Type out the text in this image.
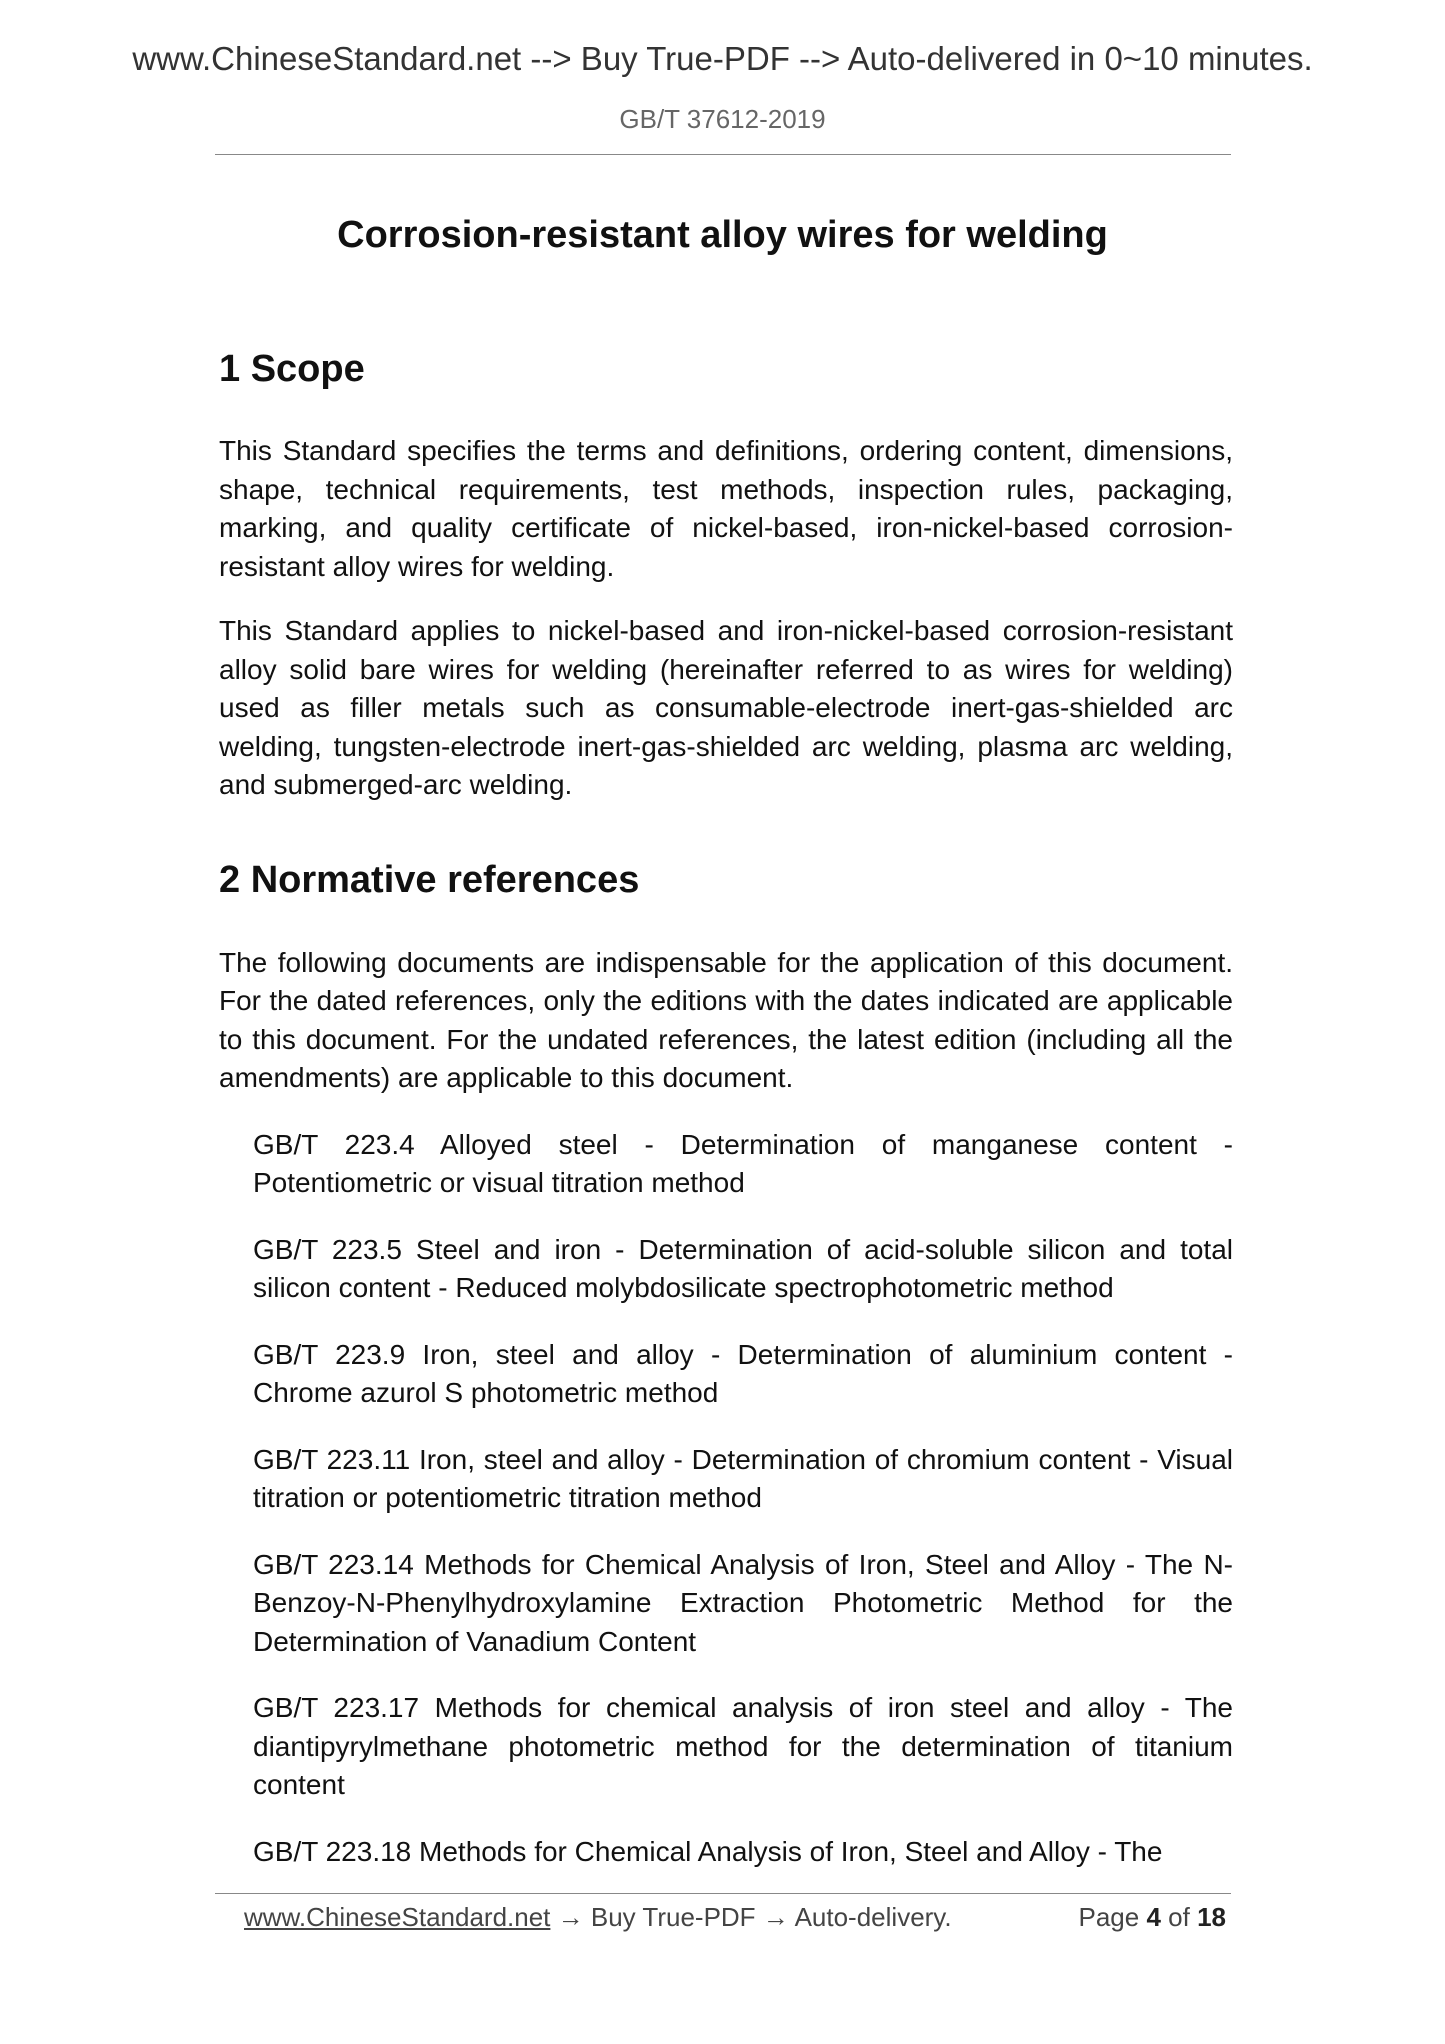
www.ChineseStandard.net --> Buy True-PDF --> Auto-delivered in 0~10 minutes.
GB/T 37612-2019
Corrosion-resistant alloy wires for welding
1 Scope

This Standard specifies the terms and definitions, ordering content, dimensions, shape, technical requirements, test methods, inspection rules, packaging, marking, and quality certificate of nickel-based, iron-nickel-based corrosion-resistant alloy wires for welding.

This Standard applies to nickel-based and iron-nickel-based corrosion-resistant alloy solid bare wires for welding (hereinafter referred to as wires for welding) used as filler metals such as consumable-electrode inert-gas-shielded arc welding, tungsten-electrode inert-gas-shielded arc welding, plasma arc welding, and submerged-arc welding.

2 Normative references

The following documents are indispensable for the application of this document. For the dated references, only the editions with the dates indicated are applicable to this document. For the undated references, the latest edition (including all the amendments) are applicable to this document.

GB/T 223.4 Alloyed steel - Determination of manganese content - Potentiometric or visual titration method

GB/T 223.5 Steel and iron - Determination of acid-soluble silicon and total silicon content - Reduced molybdosilicate spectrophotometric method

GB/T 223.9 Iron, steel and alloy - Determination of aluminium content - Chrome azurol S photometric method

GB/T 223.11 Iron, steel and alloy - Determination of chromium content - Visual titration or potentiometric titration method

GB/T 223.14 Methods for Chemical Analysis of Iron, Steel and Alloy - The N-Benzoy-N-Phenylhydroxylamine Extraction Photometric Method for the Determination of Vanadium Content

GB/T 223.17 Methods for chemical analysis of iron steel and alloy - The diantipyrylmethane photometric method for the determination of titanium content

GB/T 223.18 Methods for Chemical Analysis of Iron, Steel and Alloy - The

www.ChineseStandard.net → Buy True-PDF → Auto-delivery.	Page 4 of 18
